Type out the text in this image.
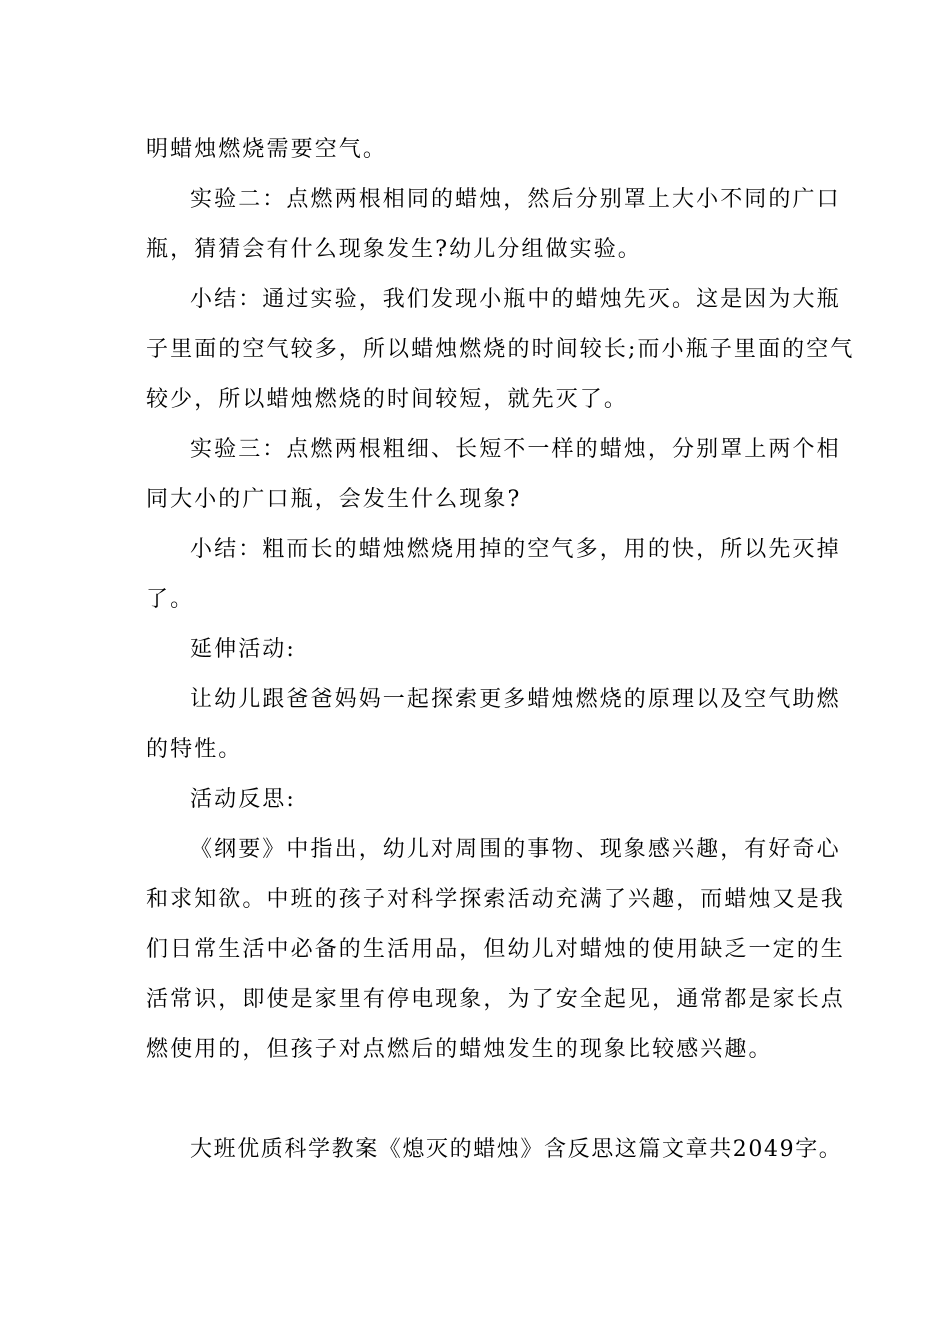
明蜡烛燃烧需要空气。
实验二：点燃两根相同的蜡烛，然后分别罩上大小不同的广口
瓶，猜猜会有什么现象发生?幼儿分组做实验。
小结：通过实验，我们发现小瓶中的蜡烛先灭。这是因为大瓶
子里面的空气较多，所以蜡烛燃烧的时间较长;而小瓶子里面的空气
较少，所以蜡烛燃烧的时间较短，就先灭了。
实验三：点燃两根粗细、长短不一样的蜡烛，分别罩上两个相
同大小的广口瓶，会发生什么现象?
小结：粗而长的蜡烛燃烧用掉的空气多，用的快，所以先灭掉
了。
延伸活动:
让幼儿跟爸爸妈妈一起探索更多蜡烛燃烧的原理以及空气助燃
的特性。
活动反思:
《纲要》中指出，幼儿对周围的事物、现象感兴趣，有好奇心
和求知欲。中班的孩子对科学探索活动充满了兴趣，而蜡烛又是我
们日常生活中必备的生活用品，但幼儿对蜡烛的使用缺乏一定的生
活常识，即使是家里有停电现象，为了安全起见，通常都是家长点
燃使用的，但孩子对点燃后的蜡烛发生的现象比较感兴趣。
大班优质科学教案《熄灭的蜡烛》含反思这篇文章共2049字。
